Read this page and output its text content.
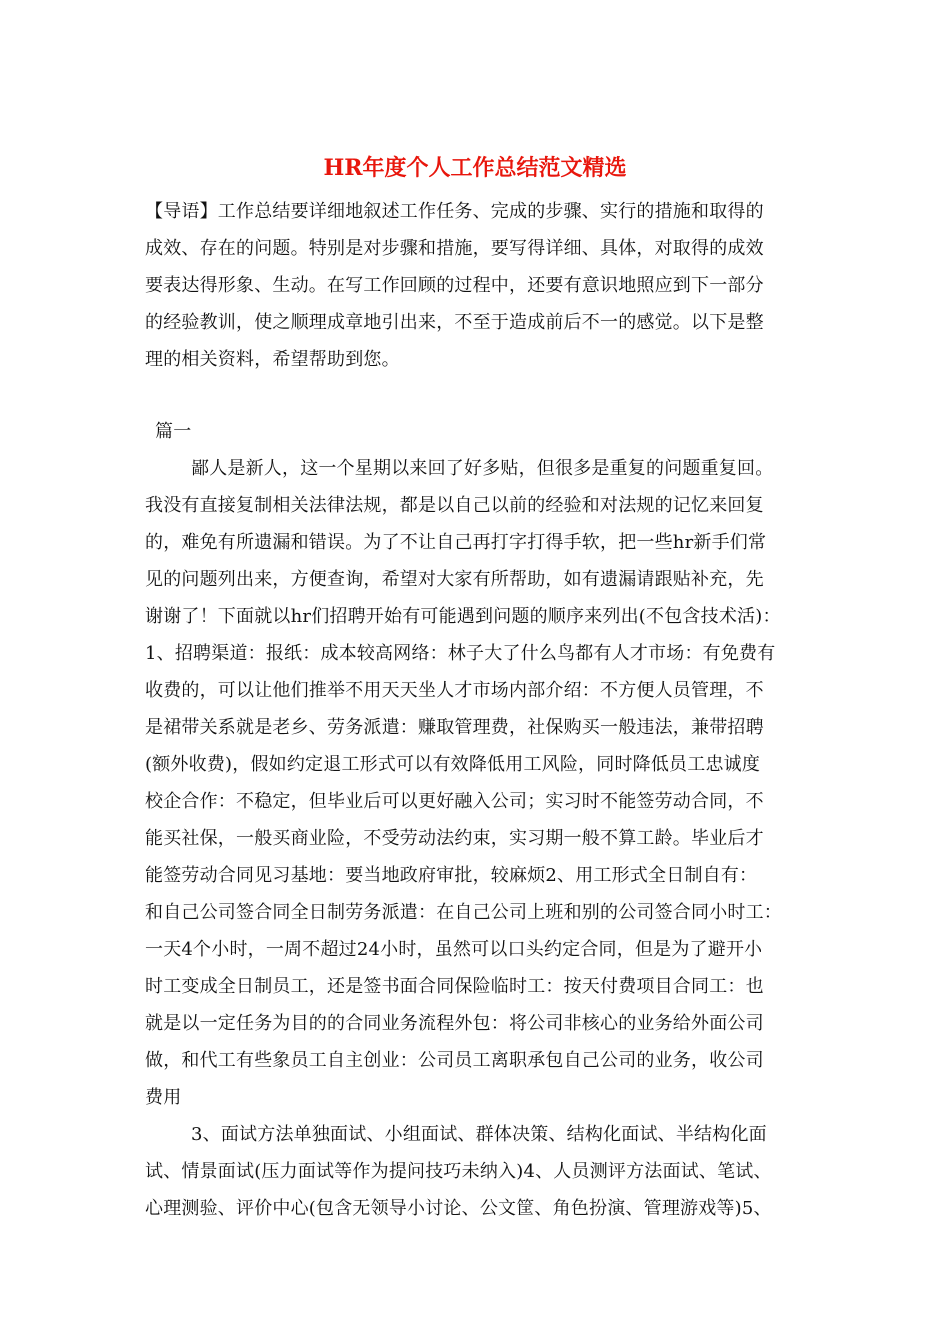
HR年度个人工作总结范文精选
【导语】工作总结要详细地叙述工作任务、完成的步骤、实行的措施和取得的
成效、存在的问题。特别是对步骤和措施，要写得详细、具体，对取得的成效
要表达得形象、生动。在写工作回顾的过程中，还要有意识地照应到下一部分
的经验教训，使之顺理成章地引出来，不至于造成前后不一的感觉。以下是整
理的相关资料，希望帮助到您。
篇一
鄙人是新人，这一个星期以来回了好多贴，但很多是重复的问题重复回。
我没有直接复制相关法律法规，都是以自己以前的经验和对法规的记忆来回复
的，难免有所遗漏和错误。为了不让自己再打字打得手软，把一些hr新手们常
见的问题列出来，方便查询，希望对大家有所帮助，如有遗漏请跟贴补充，先
谢谢了！下面就以hr们招聘开始有可能遇到问题的顺序来列出(不包含技术活)：
1、招聘渠道：报纸：成本较高网络：林子大了什么鸟都有人才市场：有免费有
收费的，可以让他们推举不用天天坐人才市场内部介绍：不方便人员管理，不
是裙带关系就是老乡、劳务派遣：赚取管理费，社保购买一般违法，兼带招聘
(额外收费)，假如约定退工形式可以有效降低用工风险，同时降低员工忠诚度
校企合作：不稳定，但毕业后可以更好融入公司；实习时不能签劳动合同，不
能买社保，一般买商业险，不受劳动法约束，实习期一般不算工龄。毕业后才
能签劳动合同见习基地：要当地政府审批，较麻烦2、用工形式全日制自有：
和自己公司签合同全日制劳务派遣：在自己公司上班和别的公司签合同小时工：
一天4个小时，一周不超过24小时，虽然可以口头约定合同，但是为了避开小
时工变成全日制员工，还是签书面合同保险临时工：按天付费项目合同工：也
就是以一定任务为目的的合同业务流程外包：将公司非核心的业务给外面公司
做，和代工有些象员工自主创业：公司员工离职承包自己公司的业务，收公司
费用
3、面试方法单独面试、小组面试、群体决策、结构化面试、半结构化面
试、情景面试(压力面试等作为提问技巧未纳入)4、人员测评方法面试、笔试、
心理测验、评价中心(包含无领导小讨论、公文筐、角色扮演、管理游戏等)5、
